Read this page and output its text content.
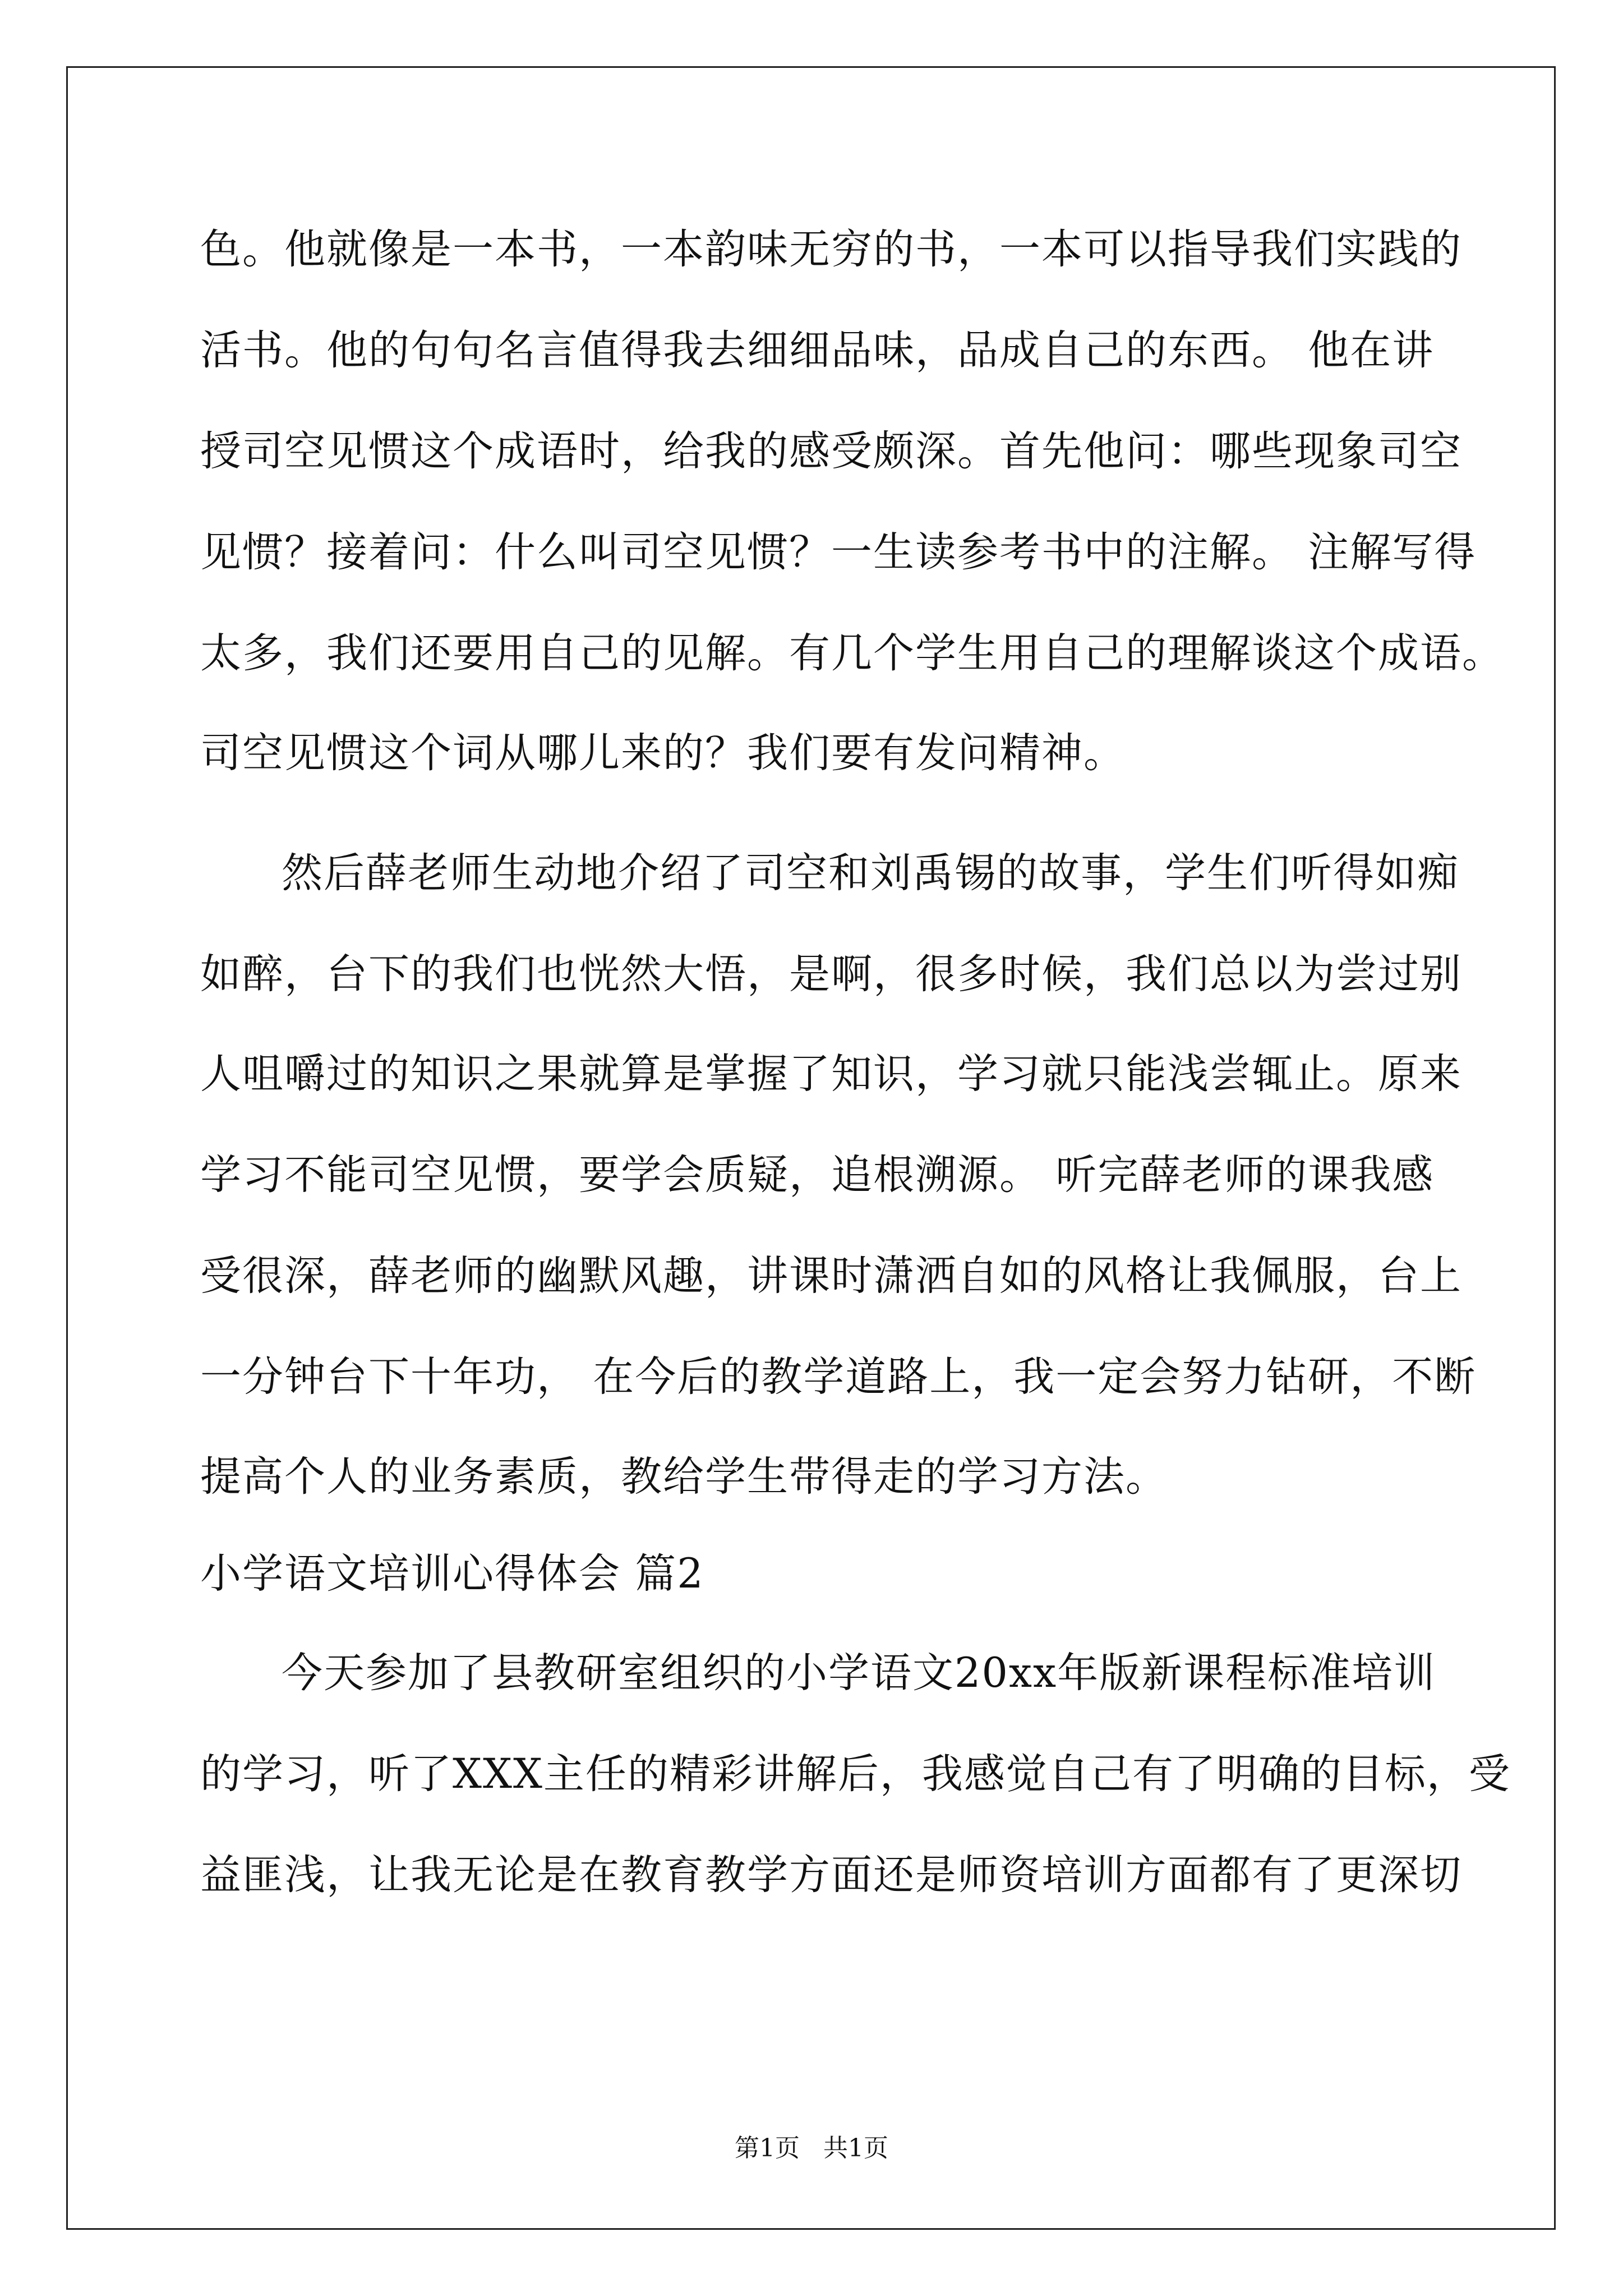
色。他就像是一本书，一本韵味无穷的书，一本可以指导我们实践的
活书。他的句句名言值得我去细细品味，品成自己的东西。 他在讲
授司空见惯这个成语时，给我的感受颇深。首先他问：哪些现象司空
见惯？接着问：什么叫司空见惯？一生读参考书中的注解。 注解写得
太多，我们还要用自己的见解。有几个学生用自己的理解谈这个成语。
司空见惯这个词从哪儿来的？我们要有发问精神。
然后薛老师生动地介绍了司空和刘禹锡的故事，学生们听得如痴
如醉，台下的我们也恍然大悟，是啊，很多时候，我们总以为尝过别
人咀嚼过的知识之果就算是掌握了知识，学习就只能浅尝辄止。原来
学习不能司空见惯，要学会质疑，追根溯源。 听完薛老师的课我感
受很深，薛老师的幽默风趣，讲课时潇洒自如的风格让我佩服，台上
一分钟台下十年功， 在今后的教学道路上，我一定会努力钻研，不断
提高个人的业务素质，教给学生带得走的学习方法。
小学语文培训心得体会 篇2
今天参加了县教研室组织的小学语文20xx年版新课程标准培训
的学习，听了XXX主任的精彩讲解后，我感觉自己有了明确的目标，受
益匪浅，让我无论是在教育教学方面还是师资培训方面都有了更深切
第1页   共1页
